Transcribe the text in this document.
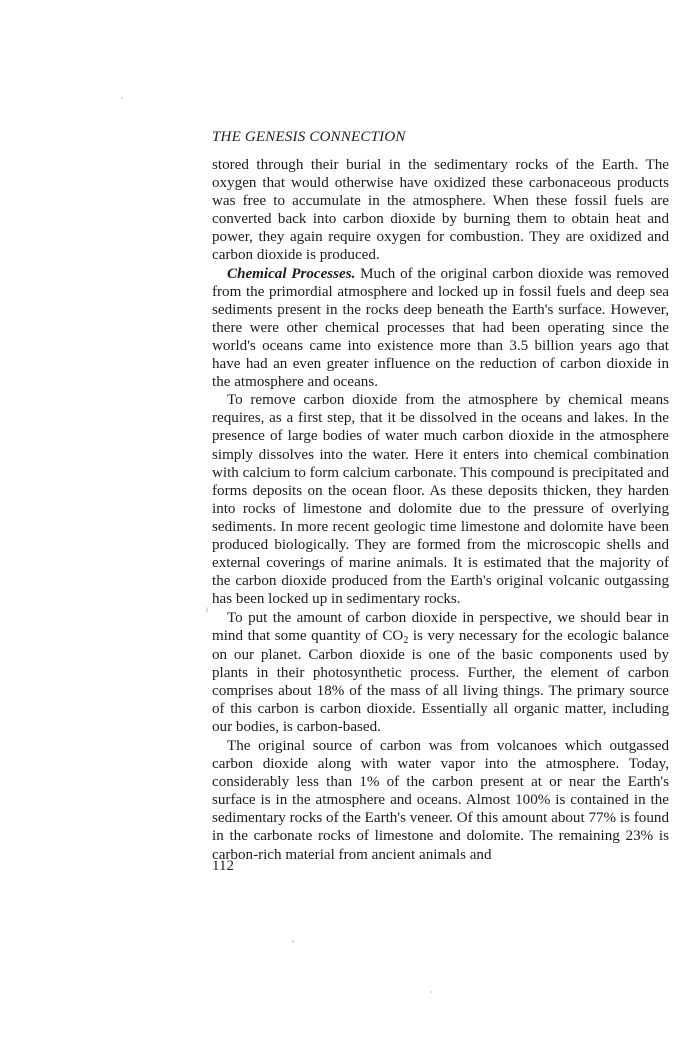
THE GENESIS CONNECTION

stored through their burial in the sedimentary rocks of the Earth. The oxygen that would otherwise have oxidized these carbonaceous products was free to accumulate in the atmosphere. When these fossil fuels are converted back into carbon dioxide by burning them to obtain heat and power, they again require oxygen for combustion. They are oxidized and carbon dioxide is produced.

Chemical Processes. Much of the original carbon dioxide was removed from the primordial atmosphere and locked up in fossil fuels and deep sea sediments present in the rocks deep beneath the Earth's surface. However, there were other chemical processes that had been operating since the world's oceans came into existence more than 3.5 billion years ago that have had an even greater influence on the reduction of carbon dioxide in the atmosphere and oceans.

To remove carbon dioxide from the atmosphere by chemical means requires, as a first step, that it be dissolved in the oceans and lakes. In the presence of large bodies of water much carbon dioxide in the atmosphere simply dissolves into the water. Here it enters into chemical combination with calcium to form calcium carbonate. This compound is precipitated and forms deposits on the ocean floor. As these deposits thicken, they harden into rocks of limestone and dolomite due to the pressure of overlying sediments. In more recent geologic time limestone and dolomite have been produced biologically. They are formed from the microscopic shells and external coverings of marine animals. It is estimated that the majority of the carbon dioxide produced from the Earth's original volcanic outgassing has been locked up in sedimentary rocks.

To put the amount of carbon dioxide in perspective, we should bear in mind that some quantity of $CO_2$ is very necessary for the ecologic balance on our planet. Carbon dioxide is one of the basic components used by plants in their photosynthetic process. Further, the element of carbon comprises about 18% of the mass of all living things. The primary source of this carbon is carbon dioxide. Essentially all organic matter, including our bodies, is carbon-based.

The original source of carbon was from volcanoes which outgassed carbon dioxide along with water vapor into the atmosphere. Today, considerably less than 1% of the carbon present at or near the Earth's surface is in the atmosphere and oceans. Almost 100% is contained in the sedimentary rocks of the Earth's veneer. Of this amount about 77% is found in the carbonate rocks of limestone and dolomite. The remaining 23% is carbon-rich material from ancient animals and

112
